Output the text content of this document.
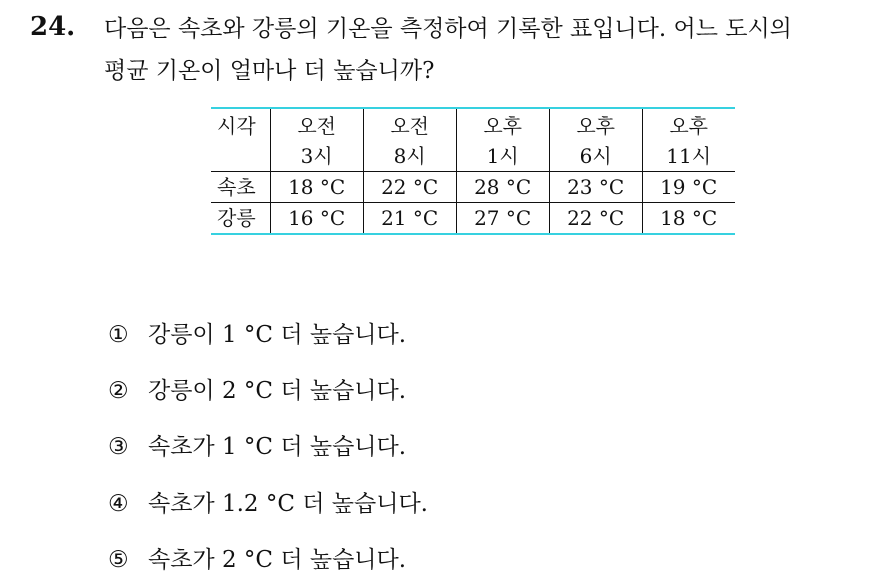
24. 다음은 속초와 강릉의 기온을 측정하여 기록한 표입니다. 어느 도시의
평균 기온이 얼마나 더 높습니까?
시각	오전	오전	오후	오후	오후
	3시	8시	1시	6시	11시
속초	18 °C	22 °C	28 °C	23 °C	19 °C
강릉	16 °C	21 °C	27 °C	22 °C	18 °C
① 강릉이 1 °C 더 높습니다.
② 강릉이 2 °C 더 높습니다.
③ 속초가 1 °C 더 높습니다.
④ 속초가 1.2 °C 더 높습니다.
⑤ 속초가 2 °C 더 높습니다.
